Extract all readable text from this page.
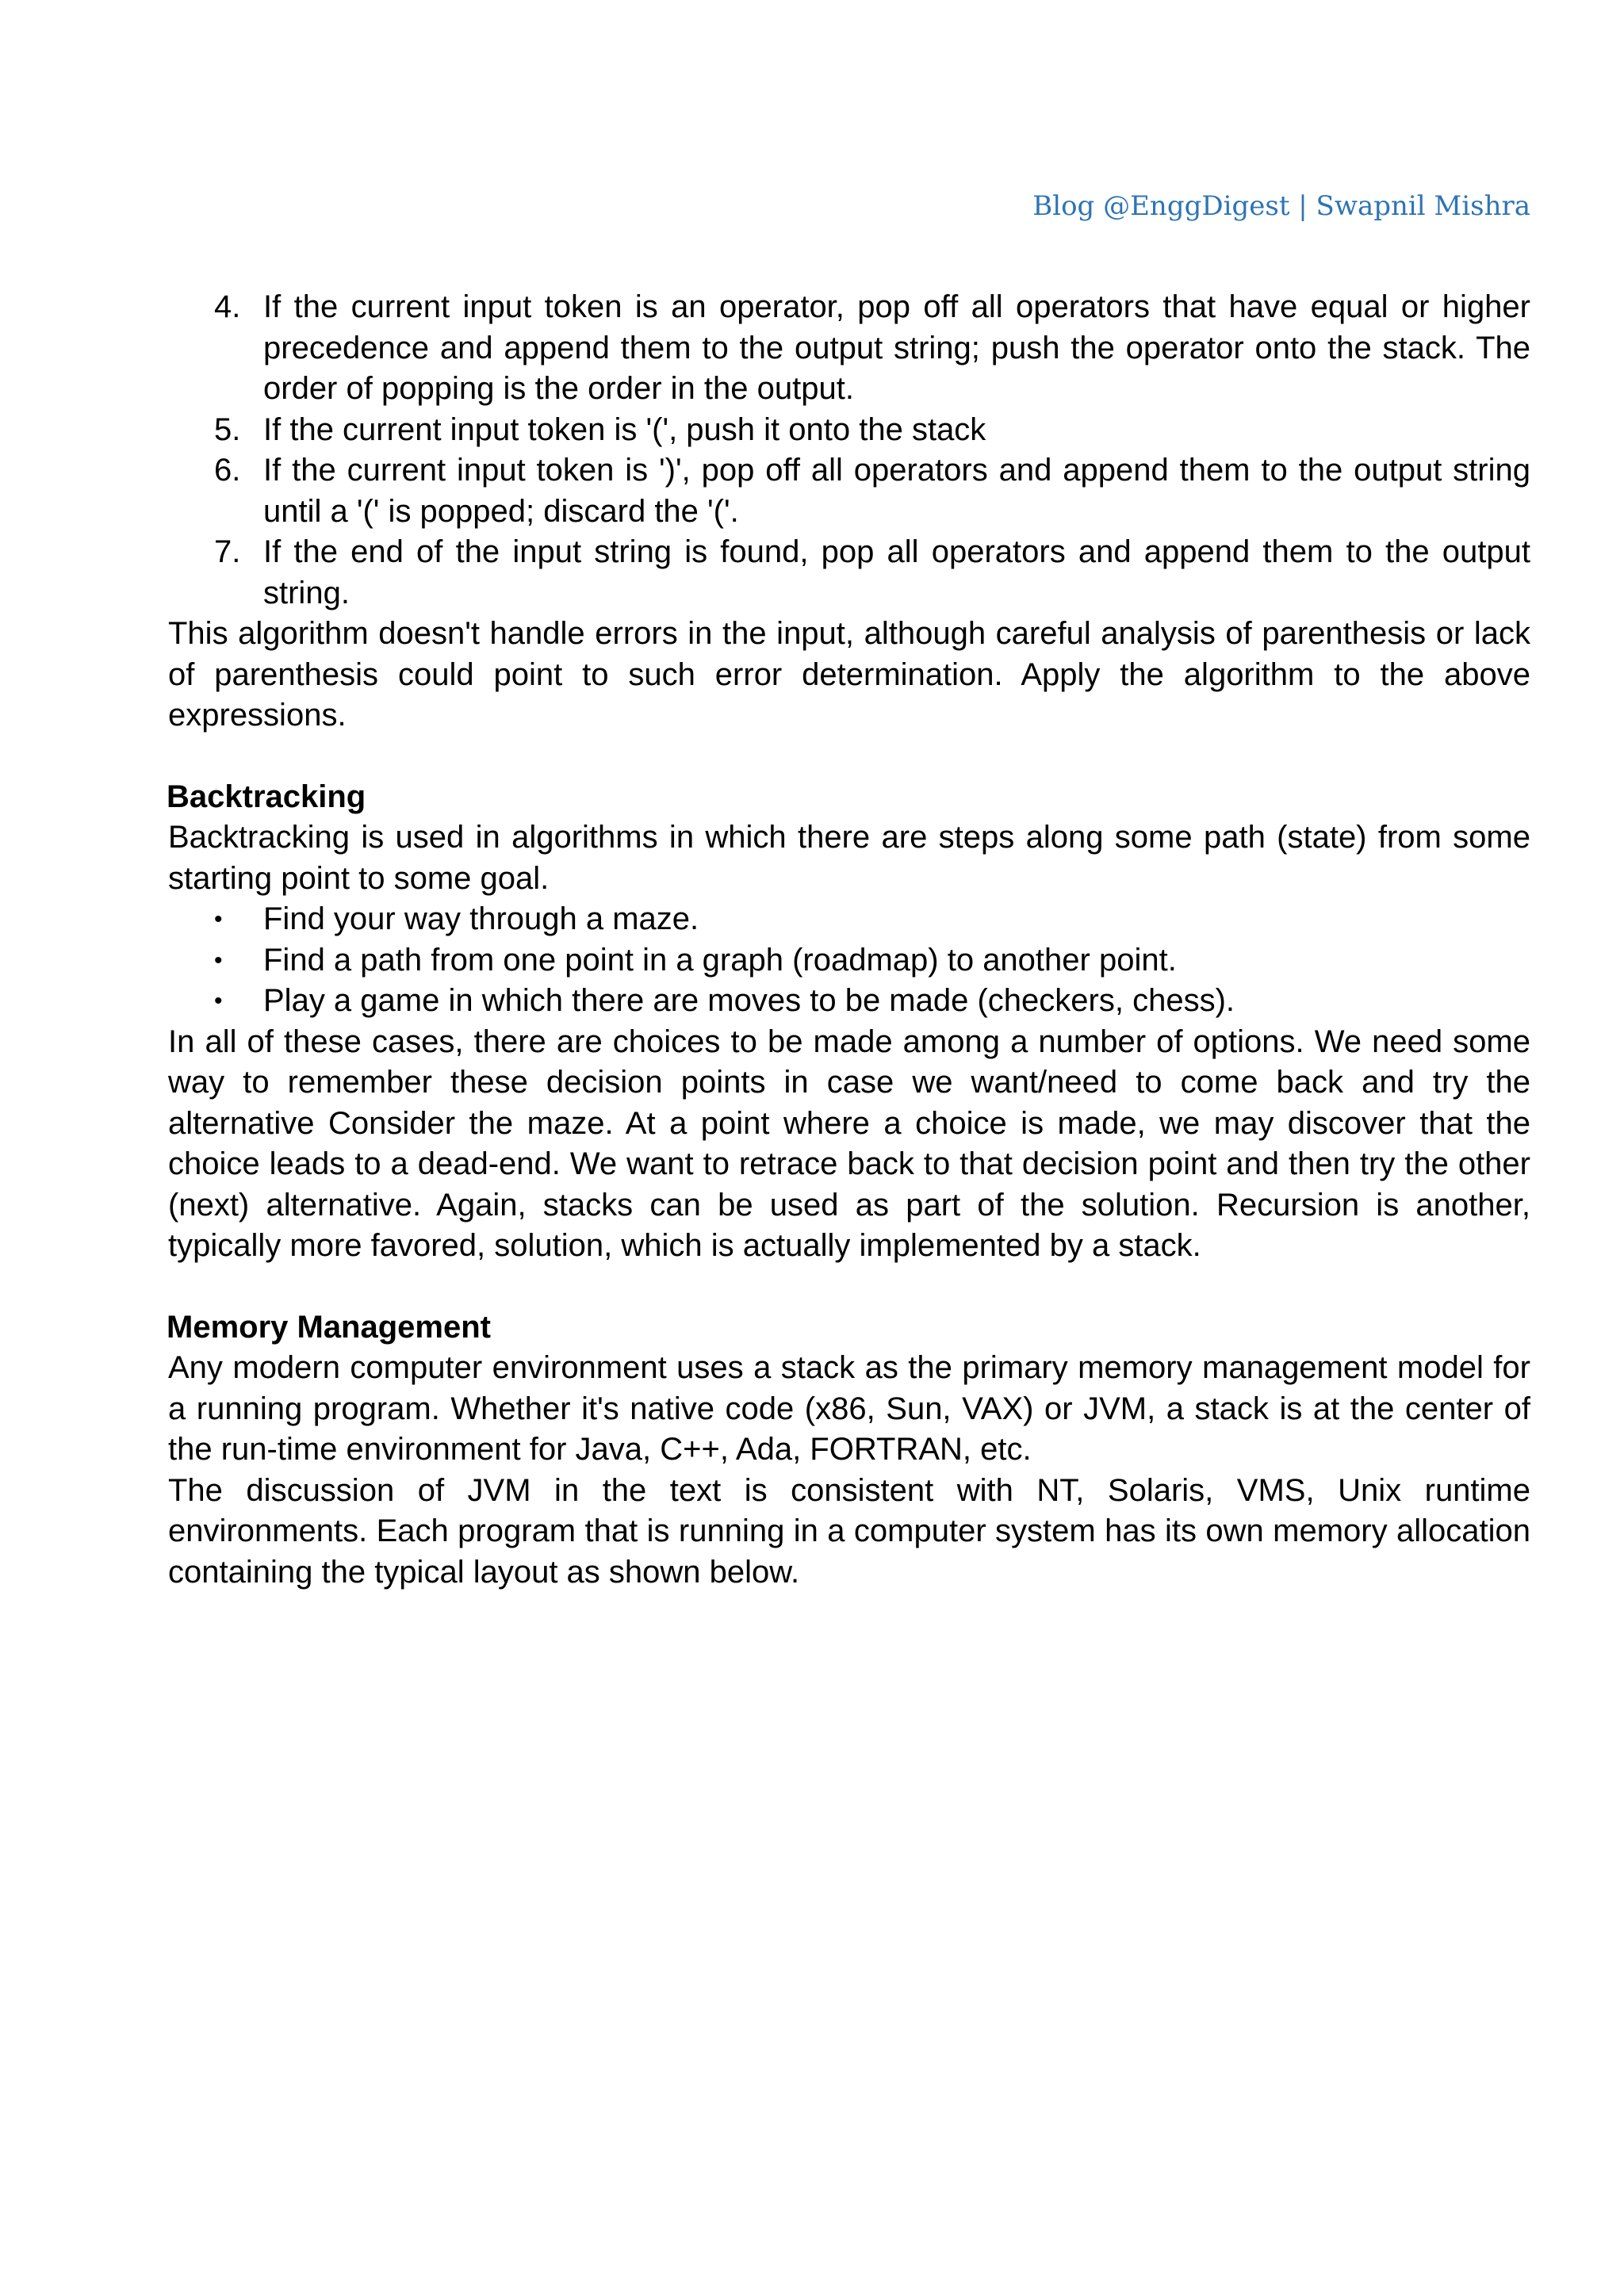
Blog @EnggDigest | Swapnil Mishra
4. If the current input token is an operator, pop off all operators that have equal or higher precedence and append them to the output string; push the operator onto the stack. The order of popping is the order in the output.
5. If the current input token is '(', push it onto the stack
6. If the current input token is ')', pop off all operators and append them to the output string until a '(' is popped; discard the '('.
7. If the end of the input string is found, pop all operators and append them to the output string.

This algorithm doesn't handle errors in the input, although careful analysis of parenthesis or lack of parenthesis could point to such error determination. Apply the algorithm to the above expressions.

Backtracking

Backtracking is used in algorithms in which there are steps along some path (state) from some starting point to some goal.

• Find your way through a maze.
• Find a path from one point in a graph (roadmap) to another point.
• Play a game in which there are moves to be made (checkers, chess).

In all of these cases, there are choices to be made among a number of options. We need some way to remember these decision points in case we want/need to come back and try the alternative Consider the maze. At a point where a choice is made, we may discover that the choice leads to a dead-end. We want to retrace back to that decision point and then try the other (next) alternative. Again, stacks can be used as part of the solution. Recursion is another, typically more favored, solution, which is actually implemented by a stack.

Memory Management

Any modern computer environment uses a stack as the primary memory management model for a running program. Whether it's native code (x86, Sun, VAX) or JVM, a stack is at the center of the run-time environment for Java, C++, Ada, FORTRAN, etc.

The discussion of JVM in the text is consistent with NT, Solaris, VMS, Unix runtime environments. Each program that is running in a computer system has its own memory allocation containing the typical layout as shown below.
